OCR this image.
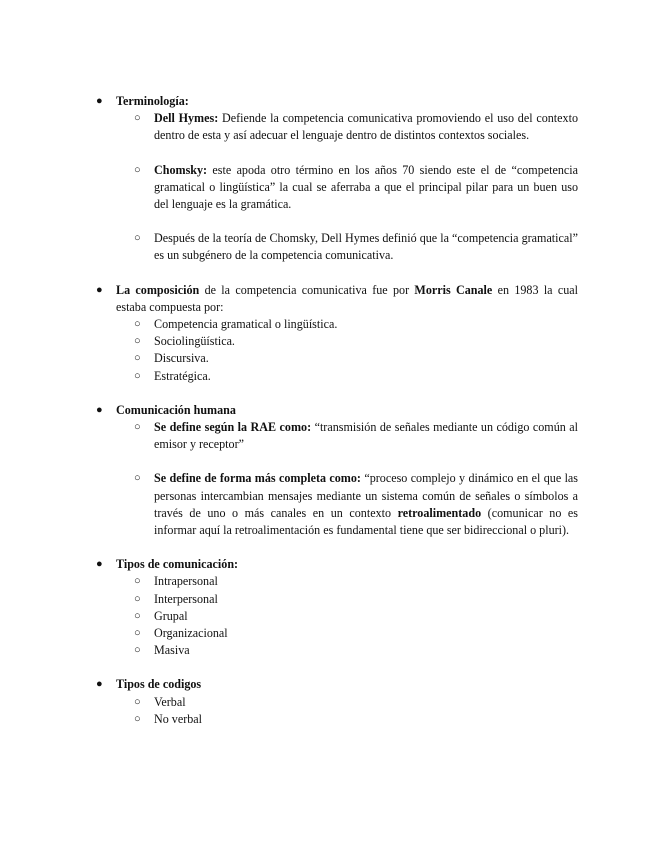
● Terminología:
○ Dell Hymes: Defiende la competencia comunicativa promoviendo el uso del contexto dentro de esta y así adecuar el lenguaje dentro de distintos contextos sociales.
○ Chomsky: este apoda otro término en los años 70 siendo este el de “competencia gramatical o lingüística” la cual se aferraba a que el principal pilar para un buen uso del lenguaje es la gramática.
○ Después de la teoría de Chomsky, Dell Hymes definió que la “competencia gramatical” es un subgénero de la competencia comunicativa.
● La composición de la competencia comunicativa fue por Morris Canale en 1983 la cual estaba compuesta por:
○ Competencia gramatical o lingüística.
○ Sociolingüística.
○ Discursiva.
○ Estratégica.
● Comunicación humana
○ Se define según la RAE como: “transmisión de señales mediante un código común al emisor y receptor”
○ Se define de forma más completa como: “proceso complejo y dinámico en el que las personas intercambian mensajes mediante un sistema común de señales o símbolos a través de uno o más canales en un contexto retroalimentado (comunicar no es informar aquí la retroalimentación es fundamental tiene que ser bidireccional o pluri).
● Tipos de comunicación:
○ Intrapersonal
○ Interpersonal
○ Grupal
○ Organizacional
○ Masiva
● Tipos de codigos
○ Verbal
○ No verbal
